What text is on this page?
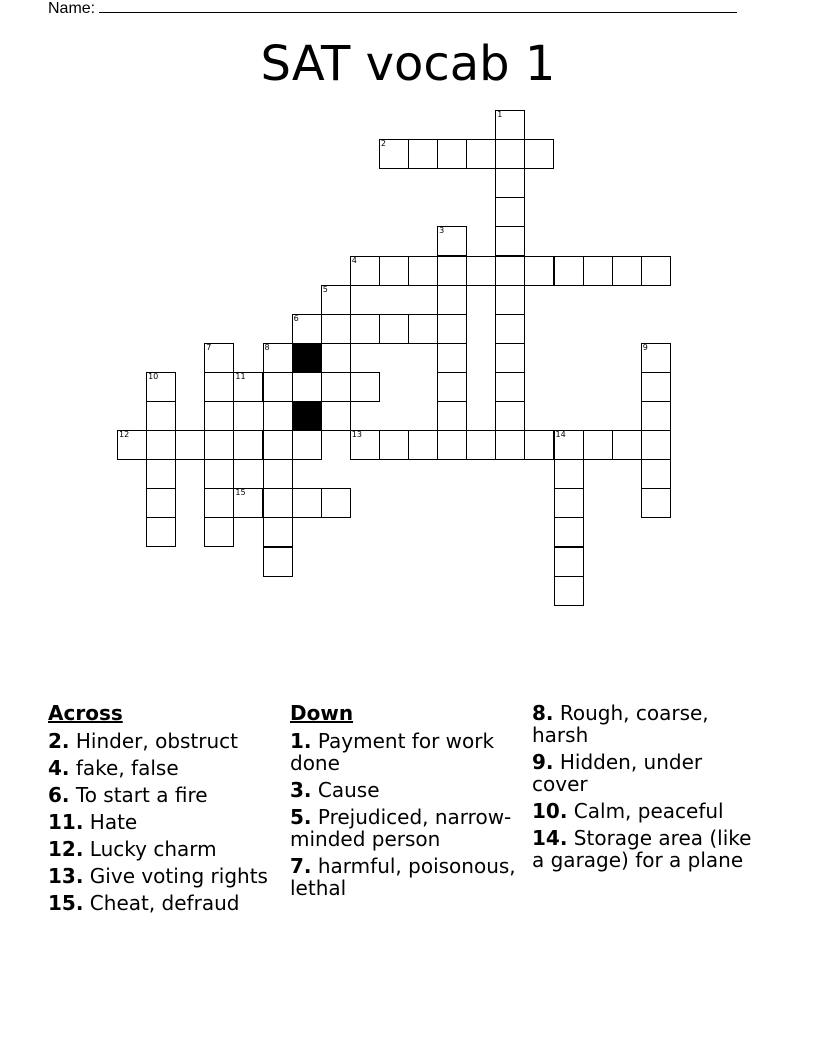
Name:
SAT vocab 1
1
2
3
4
5
6
7	8	9
10	11
12	13	14
15
Across
2. Hinder, obstruct
4. fake, false
6. To start a fire
11. Hate
12. Lucky charm
13. Give voting rights
15. Cheat, defraud
Down
1. Payment for work done
3. Cause
5. Prejudiced, narrow-minded person
7. harmful, poisonous, lethal
8. Rough, coarse, harsh
9. Hidden, under cover
10. Calm, peaceful
14. Storage area (like a garage) for a plane
